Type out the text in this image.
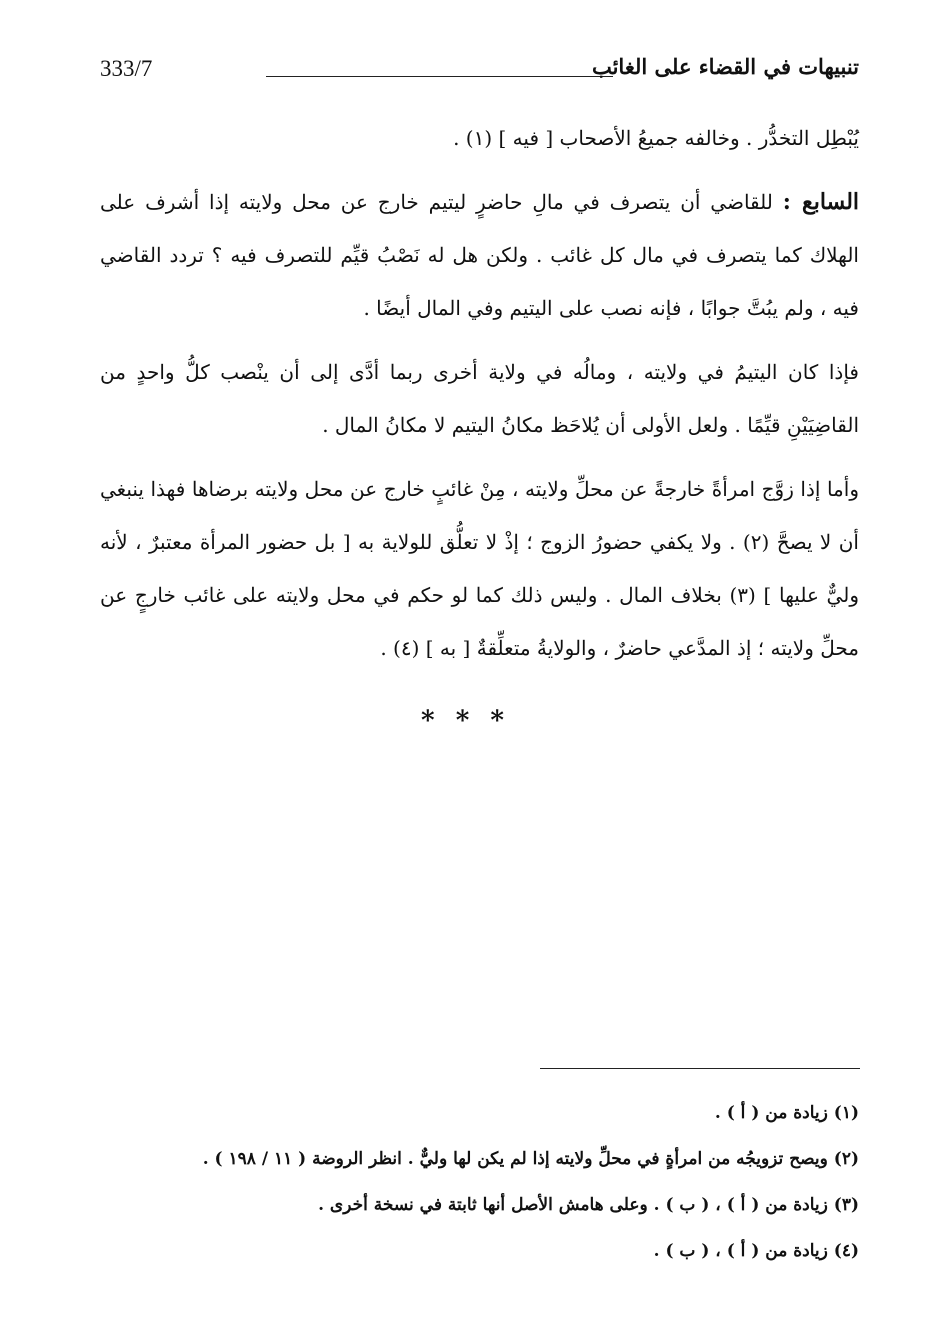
333/7	تنبيهات في القضاء على الغائب

يُبْطِل التخدُّر . وخالفه جميعُ الأصحاب [ فيه ] (١) .

السابع : للقاضي أن يتصرف في مالِ حاضرٍ ليتيم خارج عن محل ولايته إذا أشرف على الهلاك كما يتصرف في مال كل غائب . ولكن هل له نَصْبُ قيِّم للتصرف فيه ؟ تردد القاضي فيه ، ولم يبُتَّ جوابًا ، فإنه نصب على اليتيم وفي المال أيضًا .

فإذا كان اليتيمُ في ولايته ، ومالُه في ولاية أخرى ربما أدَّى إلى أن ينْصب كلُّ واحدٍ من القاضِيَيْنِ قيِّمًا . ولعل الأولى أن يُلاحَظ مكانُ اليتيم لا مكانُ المال .

وأما إذا زوَّج امرأةً خارجةً عن محلِّ ولايته ، مِنْ غائبٍ خارج عن محل ولايته برضاها فهذا ينبغي أن لا يصحَّ (٢) . ولا يكفي حضورُ الزوج ؛ إذْ لا تعلُّق للولاية به [ بل حضور المرأة معتبرٌ ، لأنه وليٌّ عليها ] (٣) بخلاف المال . وليس ذلك كما لو حكم في محل ولايته على غائب خارجٍ عن محلِّ ولايته ؛ إذ المدَّعي حاضرٌ ، والولايةُ متعلِّقةٌ [ به ] (٤) .

* * *

(١) زيادة من ( أ ) .

(٢) ويصح تزويجُه من امرأةٍ في محلِّ ولايته إذا لم يكن لها وليٌّ . انظر الروضة ( ١١ / ١٩٨ ) .

(٣) زيادة من ( أ ) ، ( ب ) . وعلى هامش الأصل أنها ثابتة في نسخة أخرى .

(٤) زيادة من ( أ ) ، ( ب ) .
